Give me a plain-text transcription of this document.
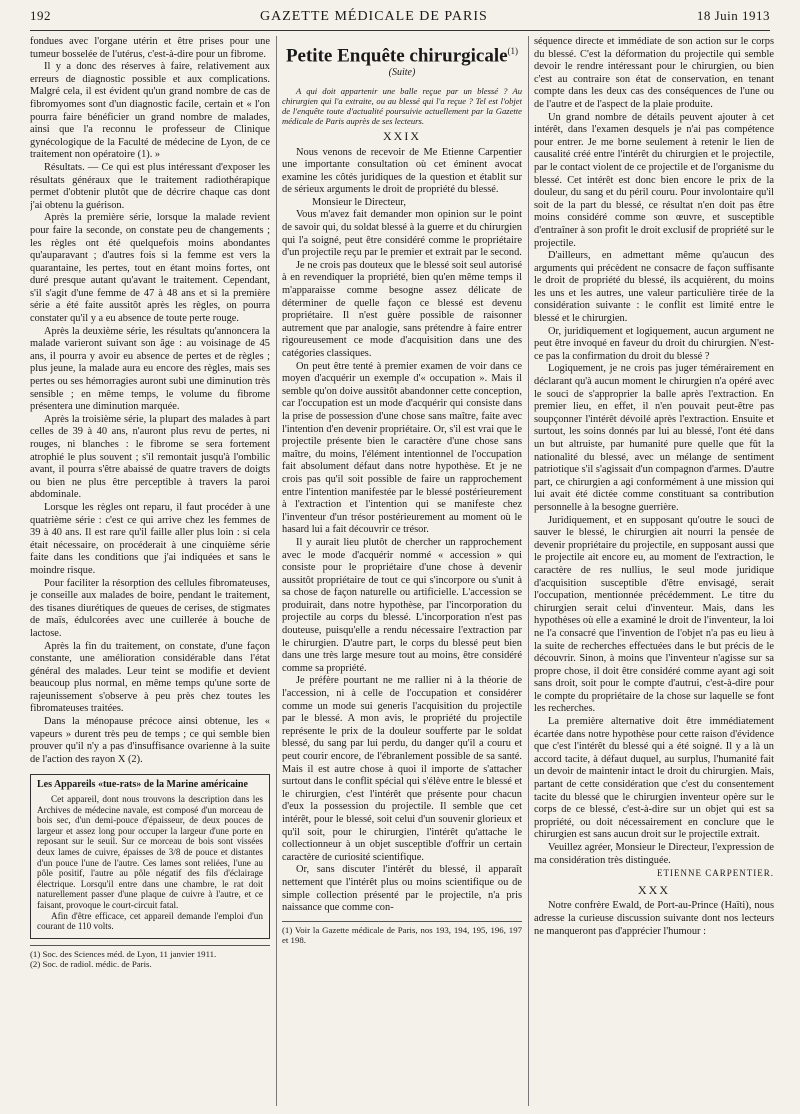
192	GAZETTE MÉDICALE DE PARIS	18 Juin 1913

fondues avec l'organe utérin et être prises pour une tumeur bosselée de l'utérus, c'est-à-dire pour un fibrome.

Il y a donc des réserves à faire, relativement aux erreurs de diagnostic possible et aux complications. Malgré cela, il est évident qu'un grand nombre de cas de fibromyomes sont d'un diagnostic facile, certain et « l'on pourra faire bénéficier un grand nombre de malades, ainsi que l'a reconnu le professeur de Clinique gynécologique de la Faculté de médecine de Lyon, de ce traitement non opératoire (1). »

Résultats. — Ce qui est plus intéressant d'exposer les résultats généraux que le traitement radiothérapique permet d'obtenir plutôt que de décrire chaque cas dont j'ai obtenu la guérison.

Après la première série, lorsque la malade revient pour faire la seconde, on constate peu de changements ; les règles ont été quelquefois moins abondantes qu'auparavant ; d'autres fois si la femme est vers la quarantaine, les pertes, tout en étant moins fortes, ont duré presque autant qu'avant le traitement. Cependant, s'il s'agit d'une femme de 47 à 48 ans et si la première série a été faite aussitôt après les règles, on pourra constater qu'il y a eu absence de toute perte rouge.

Après la deuxième série, les résultats qu'annoncera la malade varieront suivant son âge : au voisinage de 45 ans, il pourra y avoir eu absence de pertes et de règles ; plus jeune, la malade aura eu encore des règles, mais ses pertes ou ses hémorragies auront subi une diminution très sensible ; en même temps, le volume du fibrome présentera une diminution marquée.

Après la troisième série, la plupart des malades à part celles de 39 à 40 ans, n'auront plus revu de pertes, ni rouges, ni blanches : le fibrome se sera fortement atrophié le plus souvent ; s'il remontait jusqu'à l'ombilic avant, il pourra s'être abaissé de quatre travers de doigts ou bien ne plus être perceptible à travers la paroi abdominale.

Lorsque les règles ont reparu, il faut procéder à une quatrième série : c'est ce qui arrive chez les femmes de 39 à 40 ans. Il est rare qu'il faille aller plus loin : si cela était nécessaire, on procéderait à une cinquième série faite dans les conditions que j'ai indiquées et sans le moindre risque.

Pour faciliter la résorption des cellules fibromateuses, je conseille aux malades de boire, pendant le traitement, des tisanes diurétiques de queues de cerises, de stigmates de maïs, édulcorées avec une cuillerée à bouche de lactose.

Après la fin du traitement, on constate, d'une façon constante, une amélioration considérable dans l'état général des malades. Leur teint se modifie et devient beaucoup plus normal, en même temps qu'une sorte de rajeunissement s'observe à peu près chez toutes les fibromateuses traitées.

Dans la ménopause précoce ainsi obtenue, les « vapeurs » durent très peu de temps ; ce qui semble bien prouver qu'il n'y a pas d'insuffisance ovarienne à la suite de l'action des rayon X (2).

Les Appareils «tue-rats» de la Marine américaine

Cet appareil, dont nous trouvons la description dans les Archives de médecine navale, est composé d'un morceau de bois sec, d'un demi-pouce d'épaisseur, de deux pouces de largeur et assez long pour occuper la largeur d'une porte en reposant sur le seuil. Sur ce morceau de bois sont vissées deux lames de cuivre, épaisses de 3/8 de pouce et distantes d'un pouce l'une de l'autre. Ces lames sont reliées, l'une au pôle positif, l'autre au pôle négatif des fils d'éclairage électrique. Lorsqu'il entre dans une chambre, le rat doit naturellement passer d'une plaque de cuivre à l'autre, et ce faisant, provoque le court-circuit fatal.

Afin d'être efficace, cet appareil demande l'emploi d'un courant de 110 volts.

(1) Soc. des Sciences méd. de Lyon, 11 janvier 1911.
(2) Soc. de radiol. médic. de Paris.
Petite Enquête chirurgicale$^{(1)}$
(Suite)

A qui doit appartenir une balle reçue par un blessé ? Au chirurgien qui l'a extraite, ou au blessé qui l'a reçue ? Tel est l'objet de l'enquête toute d'actualité poursuivie actuellement par la Gazette médicale de Paris auprès de ses lecteurs.

XXIX

Nous venons de recevoir de Me Etienne Carpentier une importante consultation où cet éminent avocat examine les côtés juridiques de la question et établit sur de sérieux arguments le droit de propriété du blessé.

Monsieur le Directeur,

Vous m'avez fait demander mon opinion sur le point de savoir qui, du soldat blessé à la guerre et du chirurgien qui l'a soigné, peut être considéré comme le propriétaire d'un projectile reçu par le premier et extrait par le second.

Je ne crois pas douteux que le blessé soit seul autorisé à en revendiquer la propriété, bien qu'en même temps il m'apparaisse comme besogne assez délicate de déterminer de quelle façon ce blessé est devenu propriétaire. Il n'est guère possible de raisonner autrement que par analogie, sans prétendre à faire entrer rigoureusement ce mode d'acquisition dans une des catégories classiques.

On peut être tenté à premier examen de voir dans ce moyen d'acquérir un exemple d'« occupation ». Mais il semble qu'on doive aussitôt abandonner cette conception, car l'occupation est un mode d'acquérir qui consiste dans la prise de possession d'une chose sans maître, faite avec l'intention d'en devenir propriétaire. Or, s'il est vrai que le projectile présente bien le caractère d'une chose sans maître, du moins, l'élément intentionnel de l'occupation fait absolument défaut dans notre hypothèse. Et je ne crois pas qu'il soit possible de faire un rapprochement entre l'intention manifestée par le blessé postérieurement à l'extraction et l'intention qui se manifeste chez l'inventeur d'un trésor postérieurement au moment où le hasard lui a fait découvrir ce trésor.

Il y aurait lieu plutôt de chercher un rapprochement avec le mode d'acquérir nommé « accession » qui consiste pour le propriétaire d'une chose à devenir aussitôt propriétaire de tout ce qui s'incorpore ou s'unit à sa chose de façon naturelle ou artificielle. L'accession se produirait, dans notre hypothèse, par l'incorporation du projectile au corps du blessé. L'incorporation n'est pas douteuse, puisqu'elle a rendu nécessaire l'extraction par le chirurgien. D'autre part, le corps du blessé peut bien dans une très large mesure tout au moins, être considéré comme sa propriété.

Je préfère pourtant ne me rallier ni à la théorie de l'accession, ni à celle de l'occupation et considérer comme un mode sui generis l'acquisition du projectile par le blessé. A mon avis, le propriété du projectile représente le prix de la douleur soufferte par le soldat blessé, du sang par lui perdu, du danger qu'il a couru et peut courir encore, de l'ébranlement possible de sa santé. Mais il est autre chose à quoi il importe de s'attacher surtout dans le conflit spécial qui s'élève entre le blessé et le chirurgien, c'est l'intérêt que présente pour chacun d'eux la possession du projectile. Il semble que cet intérêt, pour le blessé, soit celui d'un souvenir glorieux et qu'il soit, pour le chirurgien, l'intérêt qu'attache le collectionneur à un objet susceptible d'offrir un certain caractère de curiosité scientifique.

Or, sans discuter l'intérêt du blessé, il apparaît nettement que l'intérêt plus ou moins scientifique ou de simple collection présenté par le projectile, n'a pris naissance que comme con-

(1) Voir la Gazette médicale de Paris, nos 193, 194, 195, 196, 197 et 198.

séquence directe et immédiate de son action sur le corps du blessé. C'est la déformation du projectile qui semble devoir le rendre intéressant pour le chirurgien, ou bien c'est au contraire son état de conservation, en tenant compte dans les deux cas des conséquences de l'une ou de l'autre et de l'aspect de la plaie produite.

Un grand nombre de détails peuvent ajouter à cet intérêt, dans l'examen desquels je n'ai pas compétence pour entrer. Je me borne seulement à retenir le lien de causalité créé entre l'intérêt du chirurgien et le projectile, par le contact violent de ce projectile et de l'organisme du blessé. Cet intérêt est donc bien encore le prix de la douleur, du sang et du péril couru. Pour involontaire qu'il soit de la part du blessé, ce résultat n'en doit pas être moins considéré comme son œuvre, et susceptible d'entraîner à son profit le droit exclusif de propriété sur le projectile.

D'ailleurs, en admettant même qu'aucun des arguments qui précèdent ne consacre de façon suffisante le droit de propriété du blessé, ils acquièrent, du moins les uns et les autres, une valeur particulière tirée de la considération suivante : le conflit est limité entre le blessé et le chirurgien.

Or, juridiquement et logiquement, aucun argument ne peut être invoqué en faveur du droit du chirurgien. N'est-ce pas la confirmation du droit du blessé ?

Logiquement, je ne crois pas juger témérairement en déclarant qu'à aucun moment le chirurgien n'a opéré avec le souci de s'approprier la balle après l'extraction. En premier lieu, en effet, il n'en pouvait peut-être pas soupçonner l'intérêt dévoilé après l'extraction. Ensuite et surtout, les soins donnés par lui au blessé, l'ont été dans un but altruiste, par humanité pure quelle que fût la nationalité du blessé, avec un mélange de sentiment patriotique s'il s'agissait d'un compagnon d'armes. D'autre part, ce chirurgien a agi conformément à une mission qui lui avait été dictée comme constituant sa contribution personnelle à la besogne guerrière.

Juridiquement, et en supposant qu'outre le souci de sauver le blessé, le chirurgien ait nourri la pensée de devenir propriétaire du projectile, en supposant aussi que le projectile ait encore eu, au moment de l'extraction, le caractère de res nullius, le seul mode juridique d'acquisition susceptible d'être envisagé, serait l'occupation, mentionnée précédemment. Le titre du chirurgien serait celui d'inventeur. Mais, dans les hypothèses où elle a examiné le droit de l'inventeur, la loi ne l'a consacré que l'invention de l'objet n'a pas eu lieu à la suite de recherches effectuées dans le but précis de le découvrir. Sinon, à moins que l'inventeur n'agisse sur sa propre chose, il doit être considéré comme ayant agi soit sans droit, soit pour le compte d'autrui, c'est-à-dire pour le compte du propriétaire de la chose sur laquelle se font les recherches.

La première alternative doit être immédiatement écartée dans notre hypothèse pour cette raison d'évidence que c'est l'intérêt du blessé qui a été soigné. Il y a là un accord tacite, à défaut duquel, au surplus, l'humanité fait un devoir de maintenir intact le droit du chirurgien. Mais, partant de cette considération que c'est du consentement tacite du blessé que le chirurgien inventeur opère sur le corps de ce blessé, c'est-à-dire sur un objet qui est sa propriété, ou doit nécessairement en conclure que le chirurgien est sans aucun droit sur le projectile extrait.

Veuillez agréer, Monsieur le Directeur, l'expression de ma considération très distinguée.

ETIENNE CARPENTIER.

XXX

Notre confrère Ewald, de Port-au-Prince (Haïti), nous adresse la curieuse discussion suivante dont nos lecteurs ne manqueront pas d'apprécier l'humour :
